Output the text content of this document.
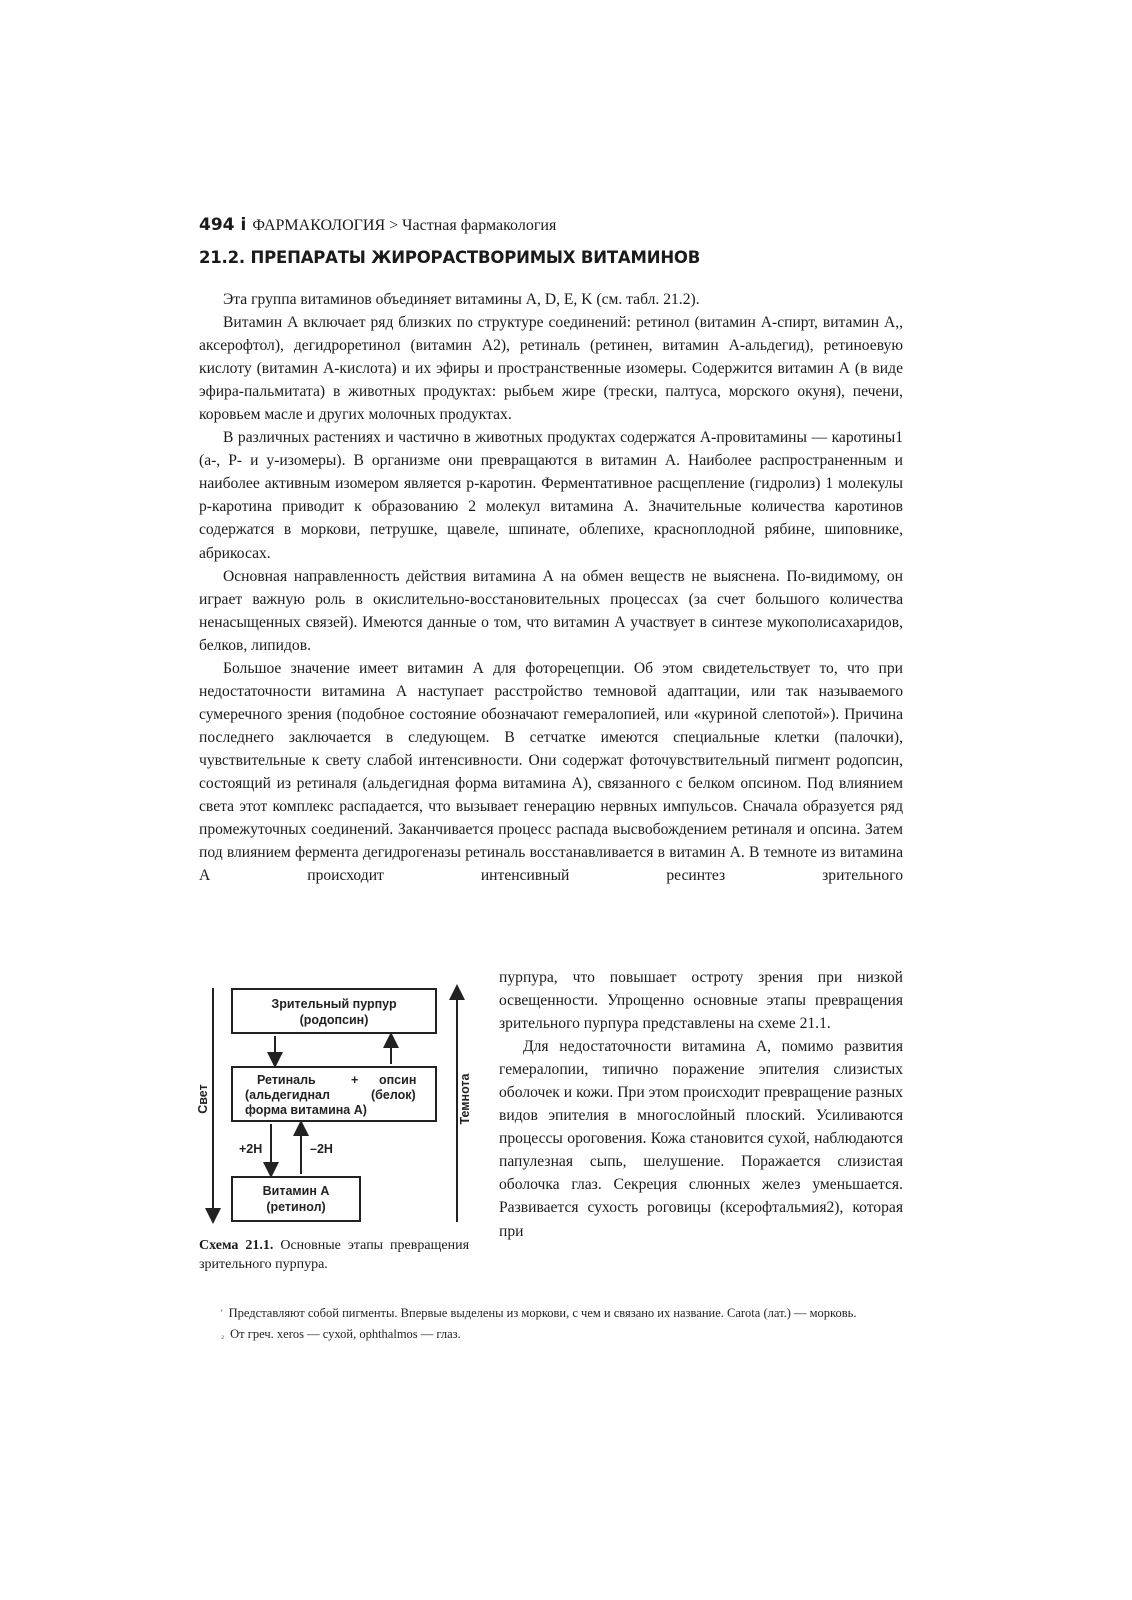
494 i ФАРМАКОЛОГИЯ > Частная фармакология
21.2. ПРЕПАРАТЫ ЖИРОРАСТВОРИМЫХ ВИТАМИНОВ

Эта группа витаминов объединяет витамины A, D, E, K (см. табл. 21.2).

Витамин А включает ряд близких по структуре соединений: ретинол (витамин А-спирт, витамин А,, аксерофтол), дегидроретинол (витамин А2), ретиналь (ретинен, витамин А-альдегид), ретиноевую кислоту (витамин А-кислота) и их эфиры и пространственные изомеры. Содержится витамин А (в виде эфира-пальмитата) в животных продуктах: рыбьем жире (трески, палтуса, морского окуня), печени, коровьем масле и других молочных продуктах.

В различных растениях и частично в животных продуктах содержатся А-провитамины — каротины1 (а-, Р- и у-изомеры). В организме они превращаются в витамин А. Наиболее распространенным и наиболее активным изомером является р-каротин. Ферментативное расщепление (гидролиз) 1 молекулы р-каротина приводит к образованию 2 молекул витамина А. Значительные количества каротинов содержатся в моркови, петрушке, щавеле, шпинате, облепихе, красноплодной рябине, шиповнике, абрикосах.

Основная направленность действия витамина А на обмен веществ не выяснена. По-видимому, он играет важную роль в окислительно-восстановительных процессах (за счет большого количества ненасыщенных связей). Имеются данные о том, что витамин А участвует в синтезе мукополисахаридов, белков, липидов.

Большое значение имеет витамин А для фоторецепции. Об этом свидетельствует то, что при недостаточности витамина А наступает расстройство темновой адаптации, или так называемого сумеречного зрения (подобное состояние обозначают гемералопией, или «куриной слепотой»). Причина последнего заключается в следующем. В сетчатке имеются специальные клетки (палочки), чувствительные к свету слабой интенсивности. Они содержат фоточувствительный пигмент родопсин, состоящий из ретиналя (альдегидная форма витамина А), связанного с белком опсином. Под влиянием света этот комплекс распадается, что вызывает генерацию нервных импульсов. Сначала образуется ряд промежуточных соединений. Заканчивается процесс распада высвобождением ретиналя и опсина. Затем под влиянием фермента дегидрогеназы ретиналь восстанавливается в витамин А. В темноте из витамина А происходит интенсивный ресинтез зрительного

Зрительный пурпур
(родопсин)
Ретиналь	+ опсин
(альдегиднал	(белок)
форма витамина А)
Витамин А
(ретинол)
+2H	–2H
Свет	Темнота
Схема 21.1. Основные этапы превращения зрительного пурпура.

пурпура, что повышает остроту зрения при низкой освещенности. Упрощенно основные этапы превращения зрительного пурпура представлены на схеме 21.1.

Для недостаточности витамина А, помимо развития гемералопии, типично поражение эпителия слизистых оболочек и кожи. При этом происходит превращение разных видов эпителия в многослойный плоский. Усиливаются процессы ороговения. Кожа становится сухой, наблюдаются папулезная сыпь, шелушение. Поражается слизистая оболочка глаз. Секреция слюнных желез уменьшается. Развивается сухость роговицы (ксерофтальмия2), которая при

' Представляют собой пигменты. Впервые выделены из моркови, с чем и связано их название. Carota (лат.) — морковь.

$^{_2}$ От греч. xeros — сухой, ophthalmos — глаз.
